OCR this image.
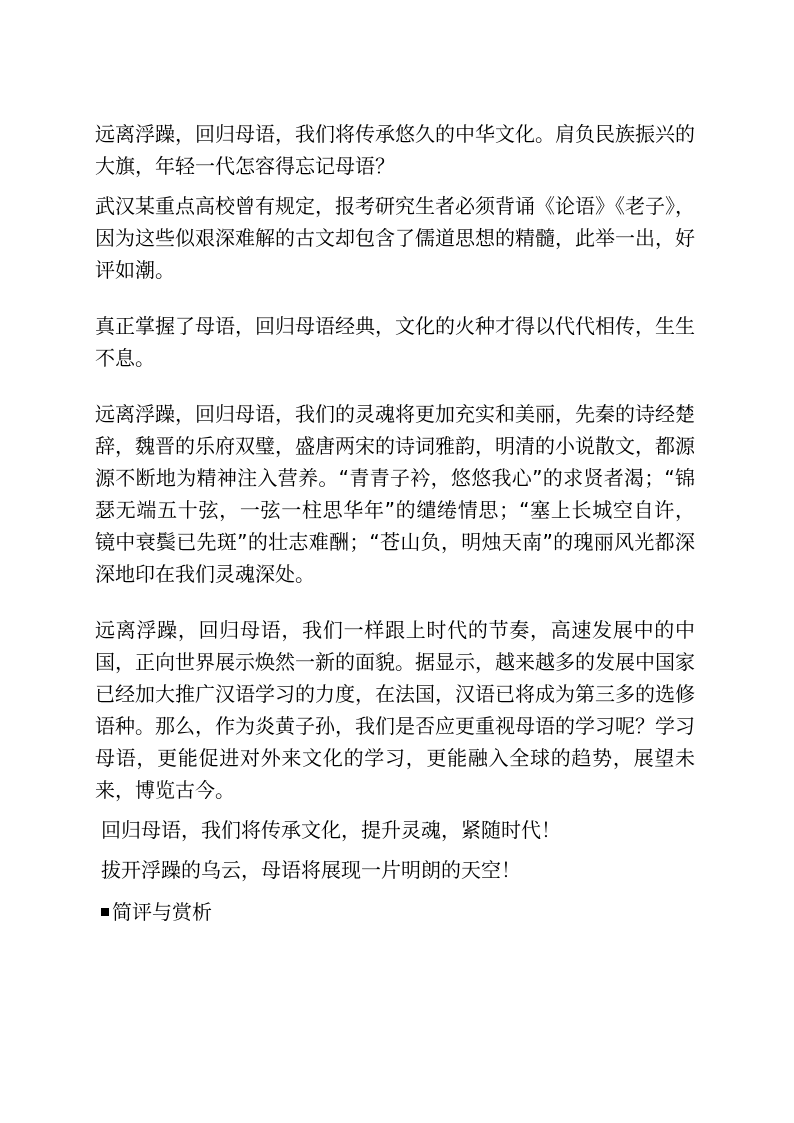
远离浮躁，回归母语，我们将传承悠久的中华文化。肩负民族振兴的大旗，年轻一代怎容得忘记母语？

武汉某重点高校曾有规定，报考研究生者必须背诵《论语》《老子》，因为这些似艰深难解的古文却包含了儒道思想的精髓，此举一出，好评如潮。

真正掌握了母语，回归母语经典，文化的火种才得以代代相传，生生不息。

远离浮躁，回归母语，我们的灵魂将更加充实和美丽，先秦的诗经楚辞，魏晋的乐府双璧，盛唐两宋的诗词雅韵，明清的小说散文，都源源不断地为精神注入营养。“青青子衿，悠悠我心”的求贤者渴；“锦瑟无端五十弦，一弦一柱思华年”的缱绻情思；“塞上长城空自许，镜中衰鬓已先斑”的壮志难酬；“苍山负，明烛天南”的瑰丽风光都深深地印在我们灵魂深处。

远离浮躁，回归母语，我们一样跟上时代的节奏，高速发展中的中国，正向世界展示焕然一新的面貌。据显示，越来越多的发展中国家已经加大推广汉语学习的力度，在法国，汉语已将成为第三多的选修语种。那么，作为炎黄子孙，我们是否应更重视母语的学习呢？学习母语，更能促进对外来文化的学习，更能融入全球的趋势，展望未来，博览古今。

回归母语，我们将传承文化，提升灵魂，紧随时代！

拔开浮躁的乌云，母语将展现一片明朗的天空！

简评与赏析
